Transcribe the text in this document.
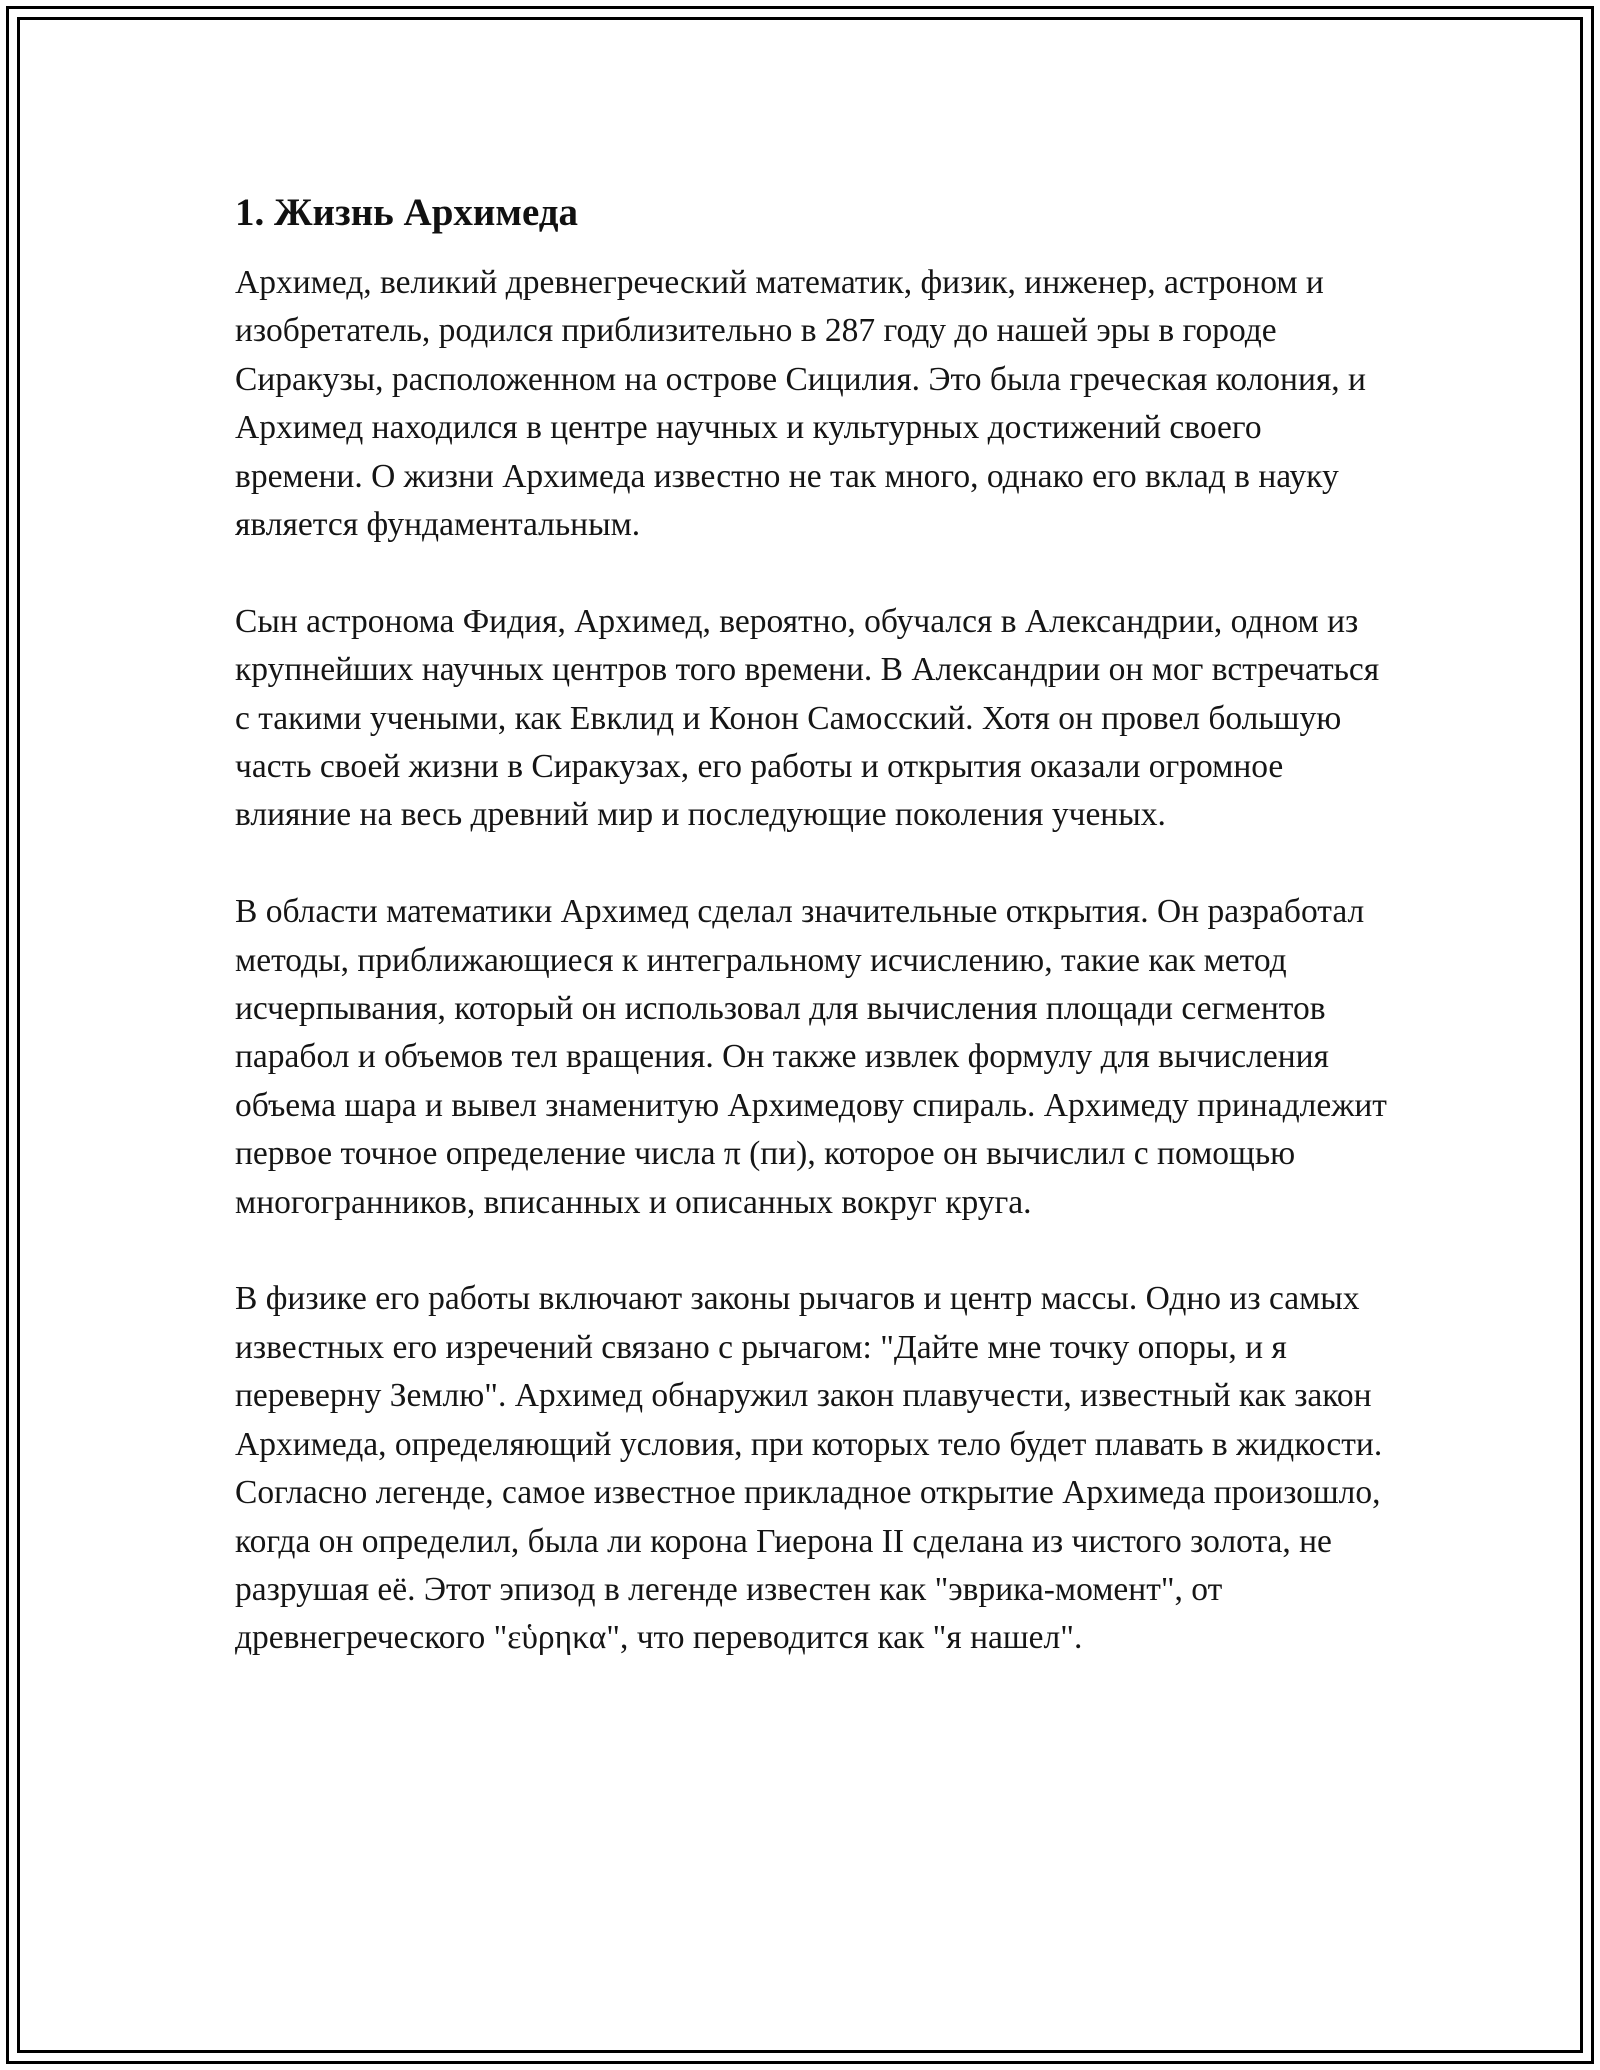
1. Жизнь Архимеда

Архимед, великий древнегреческий математик, физик, инженер, астроном и изобретатель, родился приблизительно в 287 году до нашей эры в городе Сиракузы, расположенном на острове Сицилия. Это была греческая колония, и Архимед находился в центре научных и культурных достижений своего времени. О жизни Архимеда известно не так много, однако его вклад в науку является фундаментальным.

Сын астронома Фидия, Архимед, вероятно, обучался в Александрии, одном из крупнейших научных центров того времени. В Александрии он мог встречаться с такими учеными, как Евклид и Конон Самосский. Хотя он провел большую часть своей жизни в Сиракузах, его работы и открытия оказали огромное влияние на весь древний мир и последующие поколения ученых.

В области математики Архимед сделал значительные открытия. Он разработал методы, приближающиеся к интегральному исчислению, такие как метод исчерпывания, который он использовал для вычисления площади сегментов парабол и объемов тел вращения. Он также извлек формулу для вычисления объема шара и вывел знаменитую Архимедову спираль. Архимеду принадлежит первое точное определение числа π (пи), которое он вычислил с помощью многогранников, вписанных и описанных вокруг круга.

В физике его работы включают законы рычагов и центр массы. Одно из самых известных его изречений связано с рычагом: "Дайте мне точку опоры, и я переверну Землю". Архимед обнаружил закон плавучести, известный как закон Архимеда, определяющий условия, при которых тело будет плавать в жидкости. Согласно легенде, самое известное прикладное открытие Архимеда произошло, когда он определил, была ли корона Гиерона II сделана из чистого золота, не разрушая её. Этот эпизод в легенде известен как "эврика-момент", от древнегреческого "εὑρηκα", что переводится как "я нашел".
